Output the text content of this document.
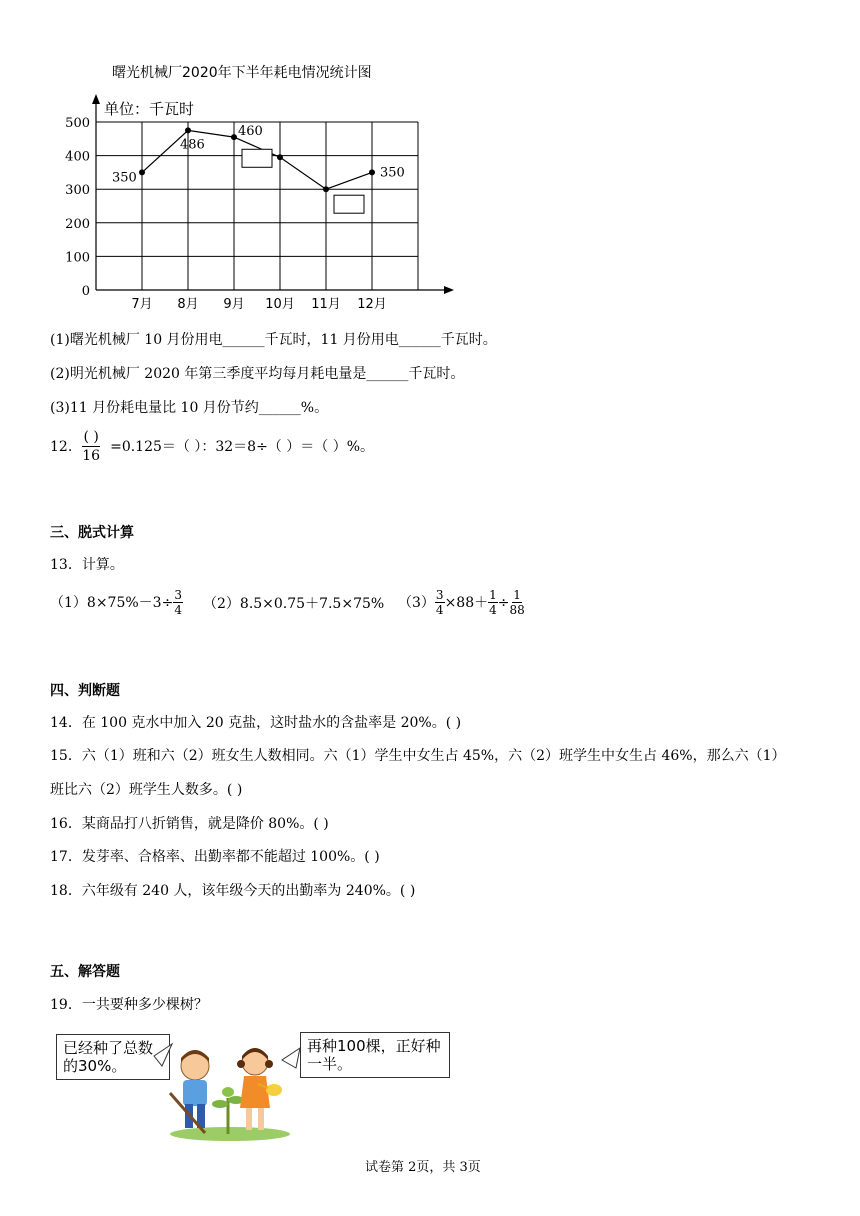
曙光机械厂2020年下半年耗电情况统计图
单位：千瓦时
0
100
200
300
400
500
7月 8月 9月 10月 11月 12月
350
486
460
350
(1)曙光机械厂 10 月份用电______千瓦时，11 月份用电______千瓦时。
(2)明光机械厂 2020 年第三季度平均每月耗电量是______千瓦时。
(3)11 月份耗电量比 10 月份节约______%。
12. $\frac{( )}{16} =0.125=$（ ）：32＝8÷（ ）＝（ ）%。
三、脱式计算
13．计算。
$(1)8\times 75\%-3\div \frac{3}{4} (2)8.5\times 0.75+7.5\times 75\%$ $(3) \frac{3}{4} \times 88+ \frac{1}{4} \div \frac{1}{88}$
四、判断题
14．在 100 克水中加入 20 克盐，这时盐水的含盐率是 20%。( )
15．六（1）班和六（2）班女生人数相同。六（1）学生中女生占 45%，六（2）班学生中女生占 46%，那么六（1）
班比六（2）班学生人数多。( )
16．某商品打八折销售，就是降价 80%。( )
17．发芽率、合格率、出勤率都不能超过 100%。( )
18．六年级有 240 人，该年级今天的出勤率为 240%。( )
五、解答题
19．一共要种多少棵树？
已经种了总数
的30%。
再种100棵，正好种
一半。
试卷第 2页，共 3页
